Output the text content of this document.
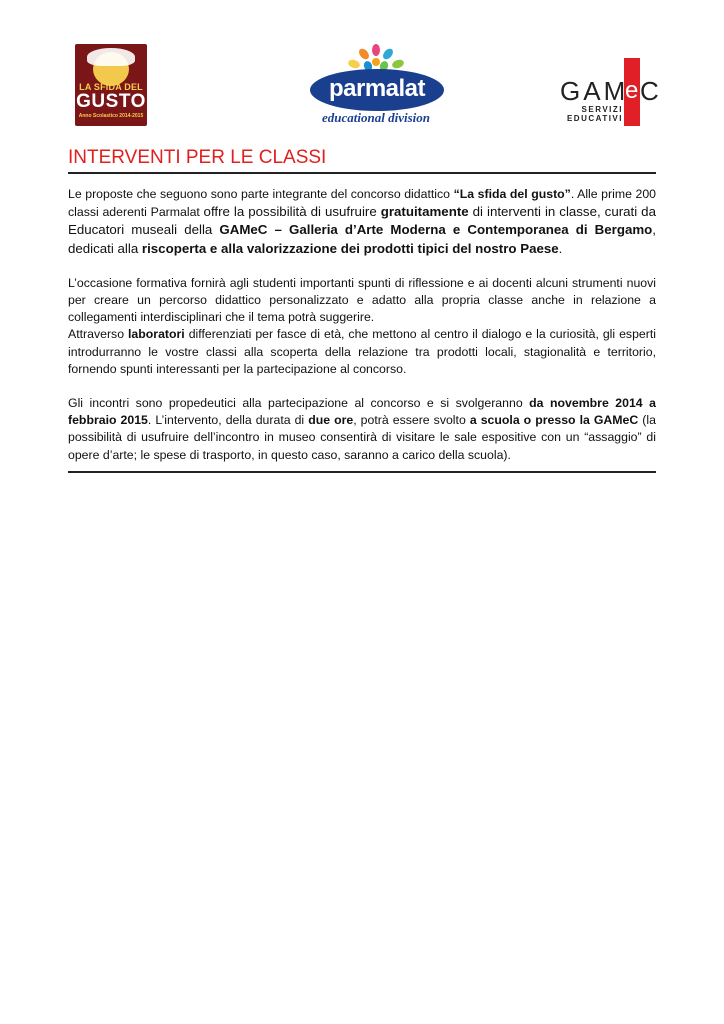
LA SFIDA DEL
GUSTO
Anno Scolastico 2014-2015
parmalat
educational division
GAM
e C
SERVIZI
EDUCATIVI
INTERVENTI PER LE CLASSI

Le proposte che seguono sono parte integrante del concorso didattico “La sfida del gusto”. Alle prime 200 classi aderenti Parmalat offre la possibilità di usufruire gratuitamente di interventi in classe, curati da Educatori museali della GAMeC – Galleria d’Arte Moderna e Contemporanea di Bergamo, dedicati alla riscoperta e alla valorizzazione dei prodotti tipici del nostro Paese.

L’occasione formativa fornirà agli studenti importanti spunti di riflessione e ai docenti alcuni strumenti nuovi per creare un percorso didattico personalizzato e adatto alla propria classe anche in relazione a collegamenti interdisciplinari che il tema potrà suggerire.

Attraverso laboratori differenziati per fasce di età, che mettono al centro il dialogo e la curiosità, gli esperti introdurranno le vostre classi alla scoperta della relazione tra prodotti locali, stagionalità e territorio, fornendo spunti interessanti per la partecipazione al concorso.

Gli incontri sono propedeutici alla partecipazione al concorso e si svolgeranno da novembre 2014 a febbraio 2015. L’intervento, della durata di due ore, potrà essere svolto a scuola o presso la GAMeC (la possibilità di usufruire dell’incontro in museo consentirà di visitare le sale espositive con un “assaggio” di opere d’arte; le spese di trasporto, in questo caso, saranno a carico della scuola).
